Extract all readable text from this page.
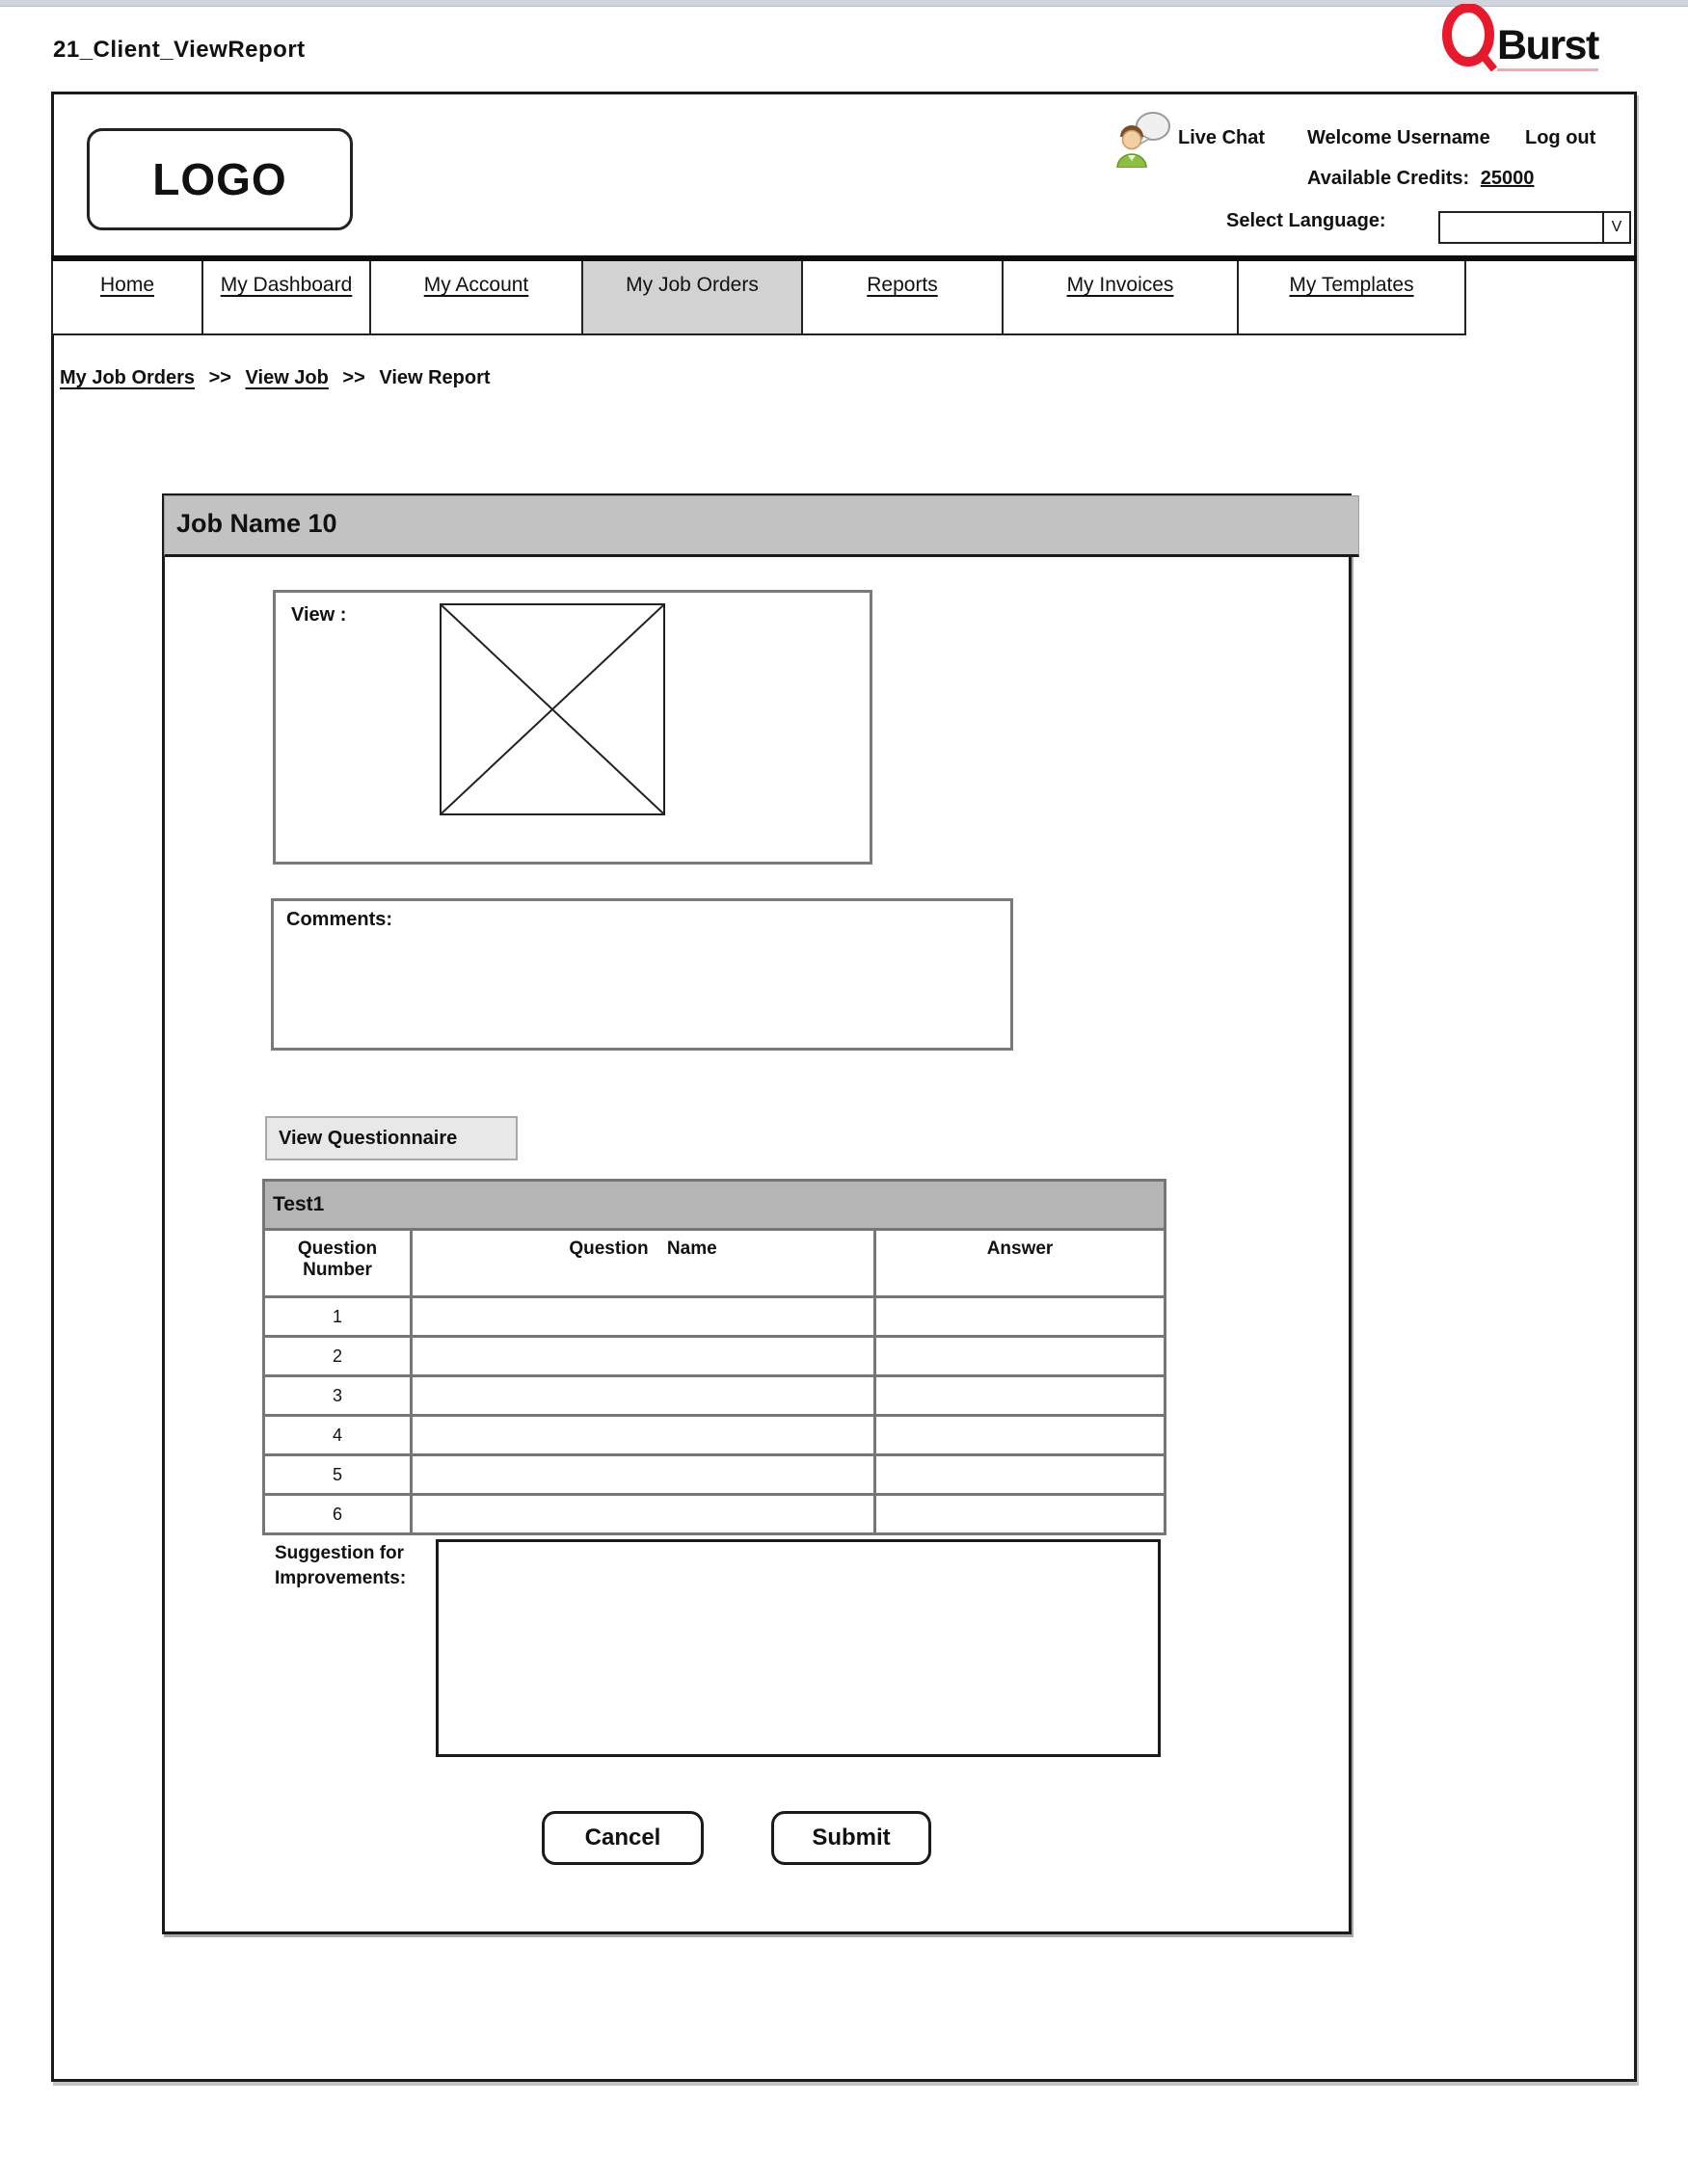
21_Client_ViewReport	Burst
LOGO
Live Chat Welcome Username Log out
Available Credits: 25000
Select Language:	V
Home	My Dashboard	My Account	My Job Orders	Reports	My Invoices	My Templates
My Job Orders >> View Job >> View Report
Job Name 10
View :
Comments:
View Questionnaire
Test1		
Question Number	Question Name	Answer
1		
2		
3		
4		
5		
6		
Suggestion for Improvements:
Cancel	Submit
